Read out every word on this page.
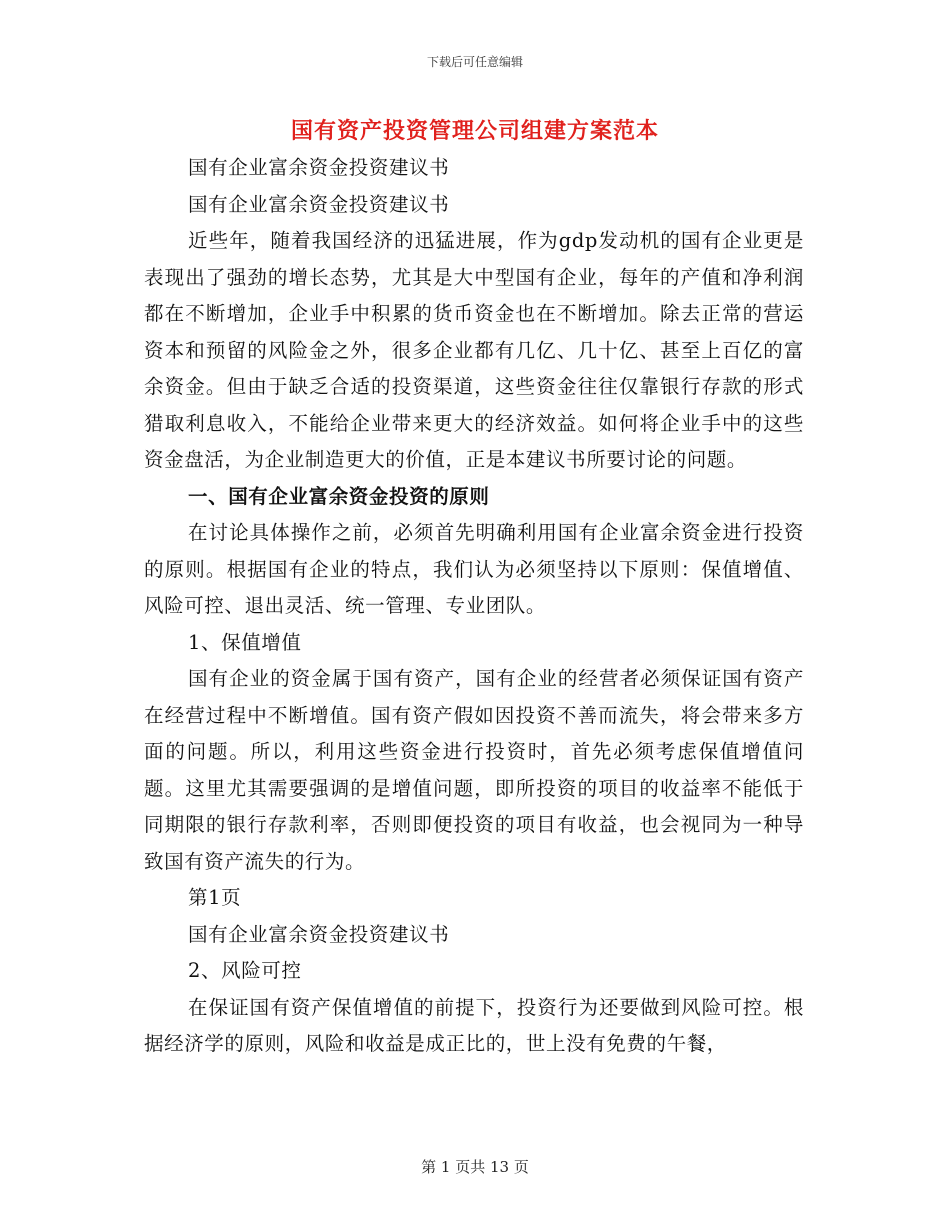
下载后可任意编辑
国有资产投资管理公司组建方案范本

国有企业富余资金投资建议书

国有企业富余资金投资建议书

近些年，随着我国经济的迅猛进展，作为gdp发动机的国有企业更是表现出了强劲的增长态势，尤其是大中型国有企业，每年的产值和净利润都在不断增加，企业手中积累的货币资金也在不断增加。除去正常的营运资本和预留的风险金之外，很多企业都有几亿、几十亿、甚至上百亿的富余资金。但由于缺乏合适的投资渠道，这些资金往往仅靠银行存款的形式猎取利息收入，不能给企业带来更大的经济效益。如何将企业手中的这些资金盘活，为企业制造更大的价值，正是本建议书所要讨论的问题。

一、国有企业富余资金投资的原则

在讨论具体操作之前，必须首先明确利用国有企业富余资金进行投资的原则。根据国有企业的特点，我们认为必须坚持以下原则：保值增值、风险可控、退出灵活、统一管理、专业团队。

1、保值增值

国有企业的资金属于国有资产，国有企业的经营者必须保证国有资产在经营过程中不断增值。国有资产假如因投资不善而流失，将会带来多方面的问题。所以，利用这些资金进行投资时，首先必须考虑保值增值问题。这里尤其需要强调的是增值问题，即所投资的项目的收益率不能低于同期限的银行存款利率，否则即便投资的项目有收益，也会视同为一种导致国有资产流失的行为。

第1页

国有企业富余资金投资建议书

2、风险可控

在保证国有资产保值增值的前提下，投资行为还要做到风险可控。根据经济学的原则，风险和收益是成正比的，世上没有免费的午餐，

第 1 页共 13 页
